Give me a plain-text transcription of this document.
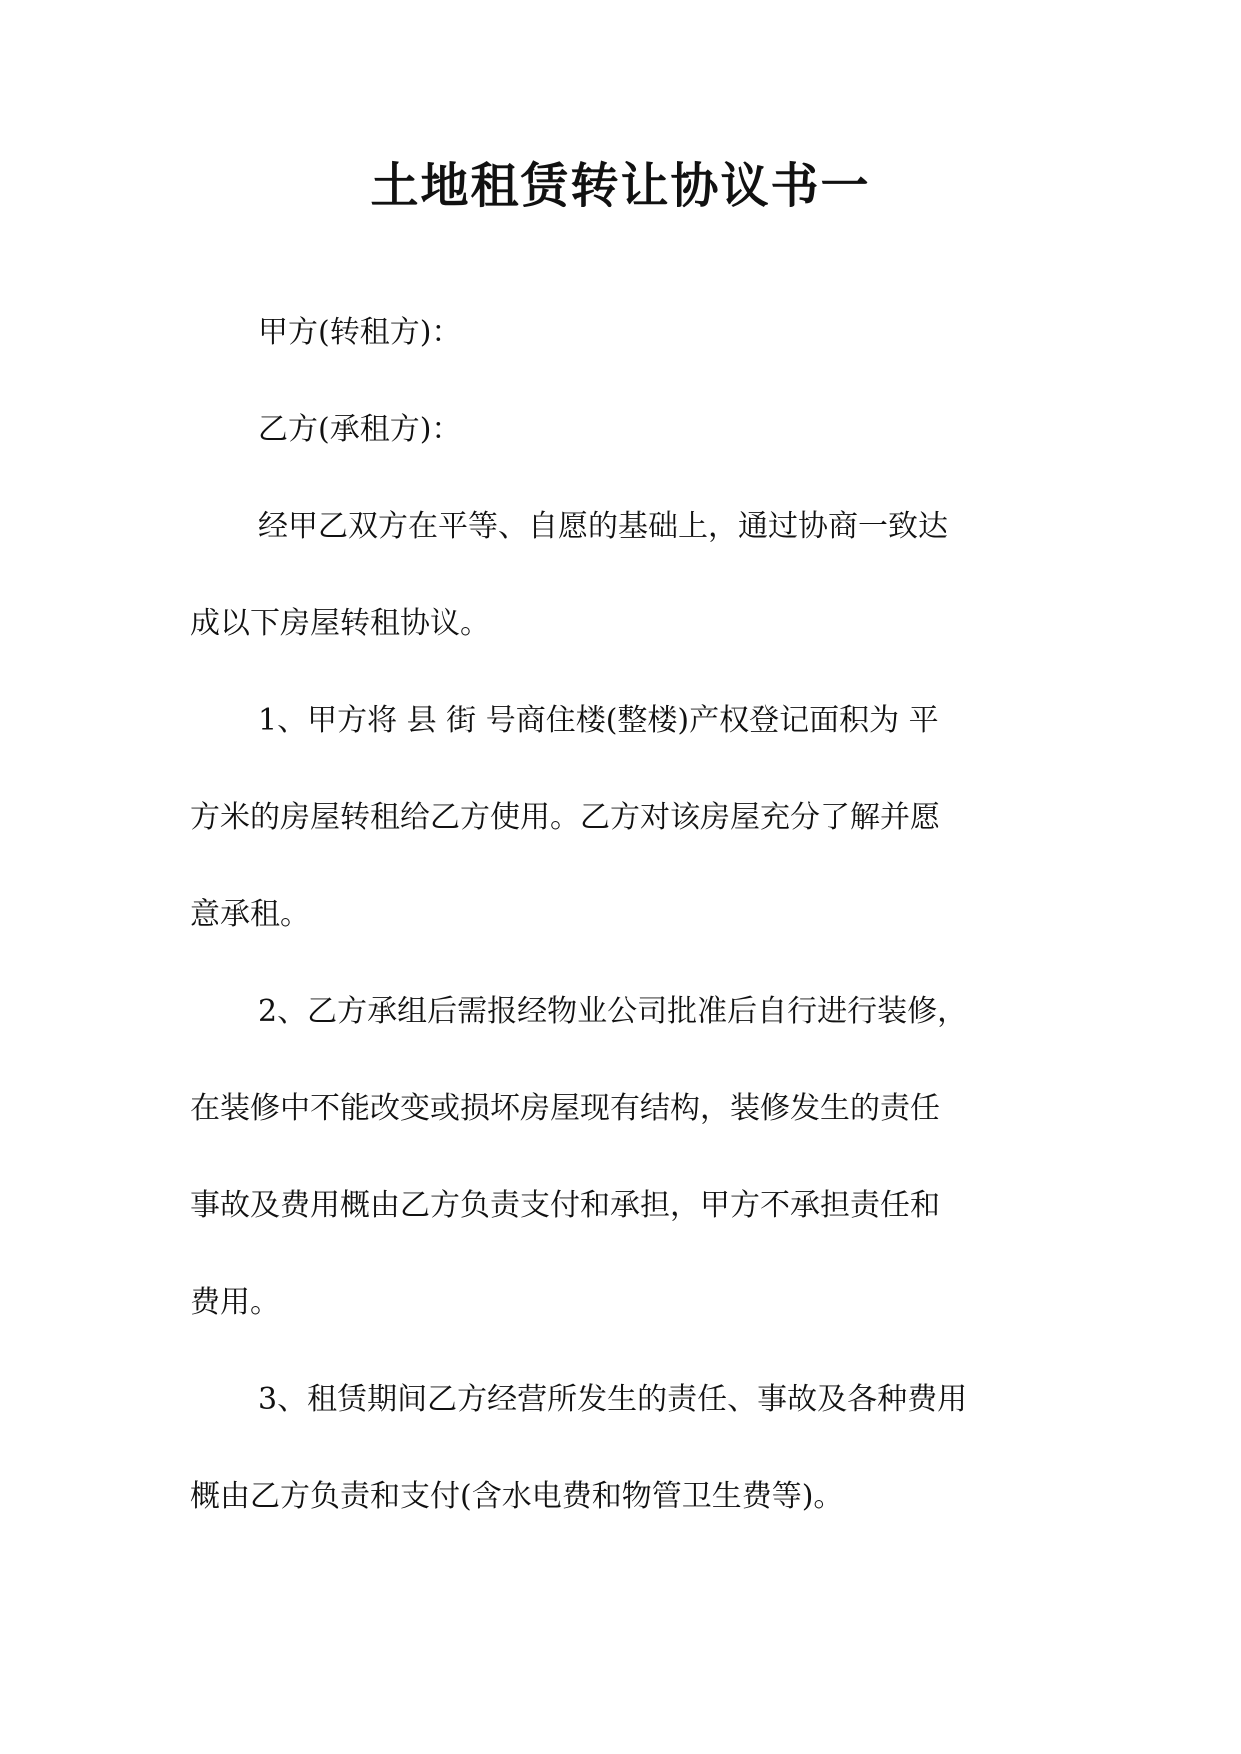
土地租赁转让协议书一

甲方(转租方)：

乙方(承租方)：

经甲乙双方在平等、自愿的基础上，通过协商一致达

成以下房屋转租协议。

1、甲方将 县 街 号商住楼(整楼)产权登记面积为 平

方米的房屋转租给乙方使用。乙方对该房屋充分了解并愿

意承租。

2、乙方承组后需报经物业公司批准后自行进行装修，

在装修中不能改变或损坏房屋现有结构，装修发生的责任

事故及费用概由乙方负责支付和承担，甲方不承担责任和

费用。

3、租赁期间乙方经营所发生的责任、事故及各种费用

概由乙方负责和支付(含水电费和物管卫生费等)。
